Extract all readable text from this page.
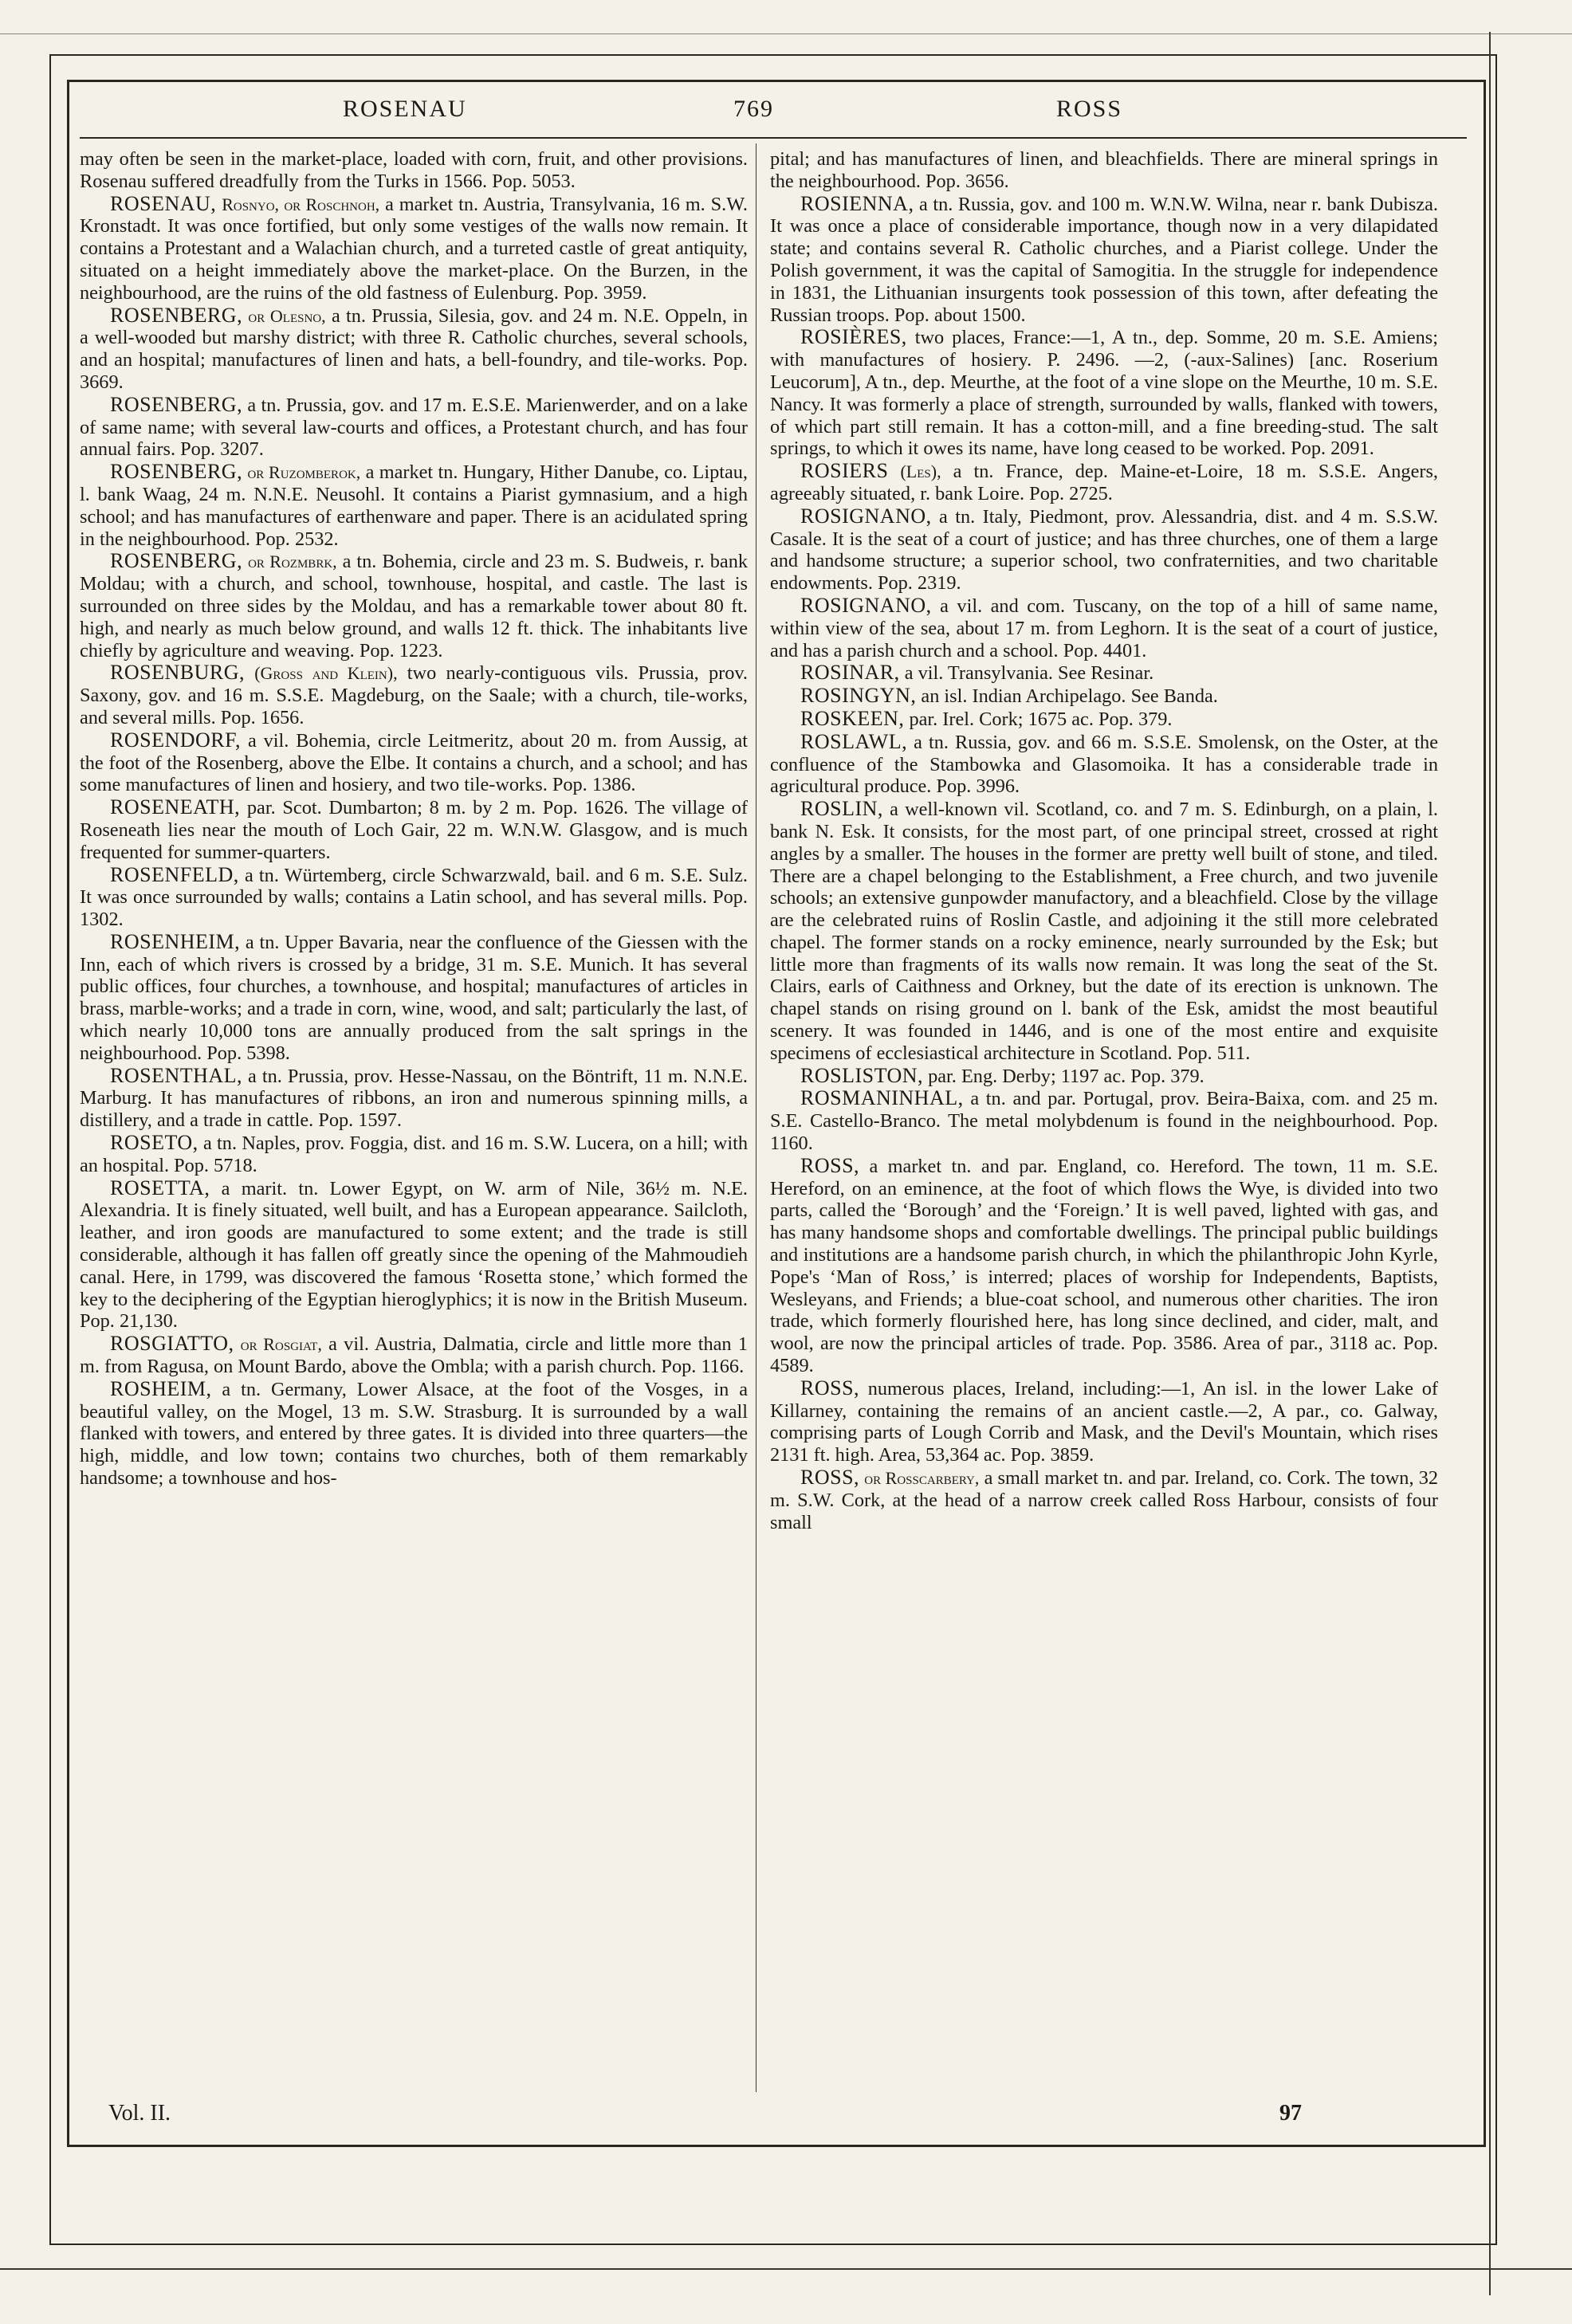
ROSENAU	769	ROSS

may often be seen in the market-place, loaded with corn, fruit, and other provisions. Rosenau suffered dreadfully from the Turks in 1566. Pop. 5053.

ROSENAU, Rosnyo, or Roschnoh, a market tn. Austria, Transylvania, 16 m. S.W. Kronstadt. It was once fortified, but only some vestiges of the walls now remain. It contains a Protestant and a Walachian church, and a turreted castle of great antiquity, situated on a height immediately above the market-place. On the Burzen, in the neighbourhood, are the ruins of the old fastness of Eulenburg. Pop. 3959.

ROSENBERG, or Olesno, a tn. Prussia, Silesia, gov. and 24 m. N.E. Oppeln, in a well-wooded but marshy district; with three R. Catholic churches, several schools, and an hospital; manufactures of linen and hats, a bell-foundry, and tile-works. Pop. 3669.

ROSENBERG, a tn. Prussia, gov. and 17 m. E.S.E. Marienwerder, and on a lake of same name; with several law-courts and offices, a Protestant church, and has four annual fairs. Pop. 3207.

ROSENBERG, or Ruzomberok, a market tn. Hungary, Hither Danube, co. Liptau, l. bank Waag, 24 m. N.N.E. Neusohl. It contains a Piarist gymnasium, and a high school; and has manufactures of earthenware and paper. There is an acidulated spring in the neighbourhood. Pop. 2532.

ROSENBERG, or Rozmbrk, a tn. Bohemia, circle and 23 m. S. Budweis, r. bank Moldau; with a church, and school, townhouse, hospital, and castle. The last is surrounded on three sides by the Moldau, and has a remarkable tower about 80 ft. high, and nearly as much below ground, and walls 12 ft. thick. The inhabitants live chiefly by agriculture and weaving. Pop. 1223.

ROSENBURG, (Gross and Klein), two nearly-contiguous vils. Prussia, prov. Saxony, gov. and 16 m. S.S.E. Magdeburg, on the Saale; with a church, tile-works, and several mills. Pop. 1656.

ROSENDORF, a vil. Bohemia, circle Leitmeritz, about 20 m. from Aussig, at the foot of the Rosenberg, above the Elbe. It contains a church, and a school; and has some manufactures of linen and hosiery, and two tile-works. Pop. 1386.

ROSENEATH, par. Scot. Dumbarton; 8 m. by 2 m. Pop. 1626. The village of Roseneath lies near the mouth of Loch Gair, 22 m. W.N.W. Glasgow, and is much frequented for summer-quarters.

ROSENFELD, a tn. Würtemberg, circle Schwarzwald, bail. and 6 m. S.E. Sulz. It was once surrounded by walls; contains a Latin school, and has several mills. Pop. 1302.

ROSENHEIM, a tn. Upper Bavaria, near the confluence of the Giessen with the Inn, each of which rivers is crossed by a bridge, 31 m. S.E. Munich. It has several public offices, four churches, a townhouse, and hospital; manufactures of articles in brass, marble-works; and a trade in corn, wine, wood, and salt; particularly the last, of which nearly 10,000 tons are annually produced from the salt springs in the neighbourhood. Pop. 5398.

ROSENTHAL, a tn. Prussia, prov. Hesse-Nassau, on the Böntrift, 11 m. N.N.E. Marburg. It has manufactures of ribbons, an iron and numerous spinning mills, a distillery, and a trade in cattle. Pop. 1597.

ROSETO, a tn. Naples, prov. Foggia, dist. and 16 m. S.W. Lucera, on a hill; with an hospital. Pop. 5718.

ROSETTA, a marit. tn. Lower Egypt, on W. arm of Nile, 36½ m. N.E. Alexandria. It is finely situated, well built, and has a European appearance. Sailcloth, leather, and iron goods are manufactured to some extent; and the trade is still considerable, although it has fallen off greatly since the opening of the Mahmoudieh canal. Here, in 1799, was discovered the famous ‘Rosetta stone,’ which formed the key to the deciphering of the Egyptian hieroglyphics; it is now in the British Museum. Pop. 21,130.

ROSGIATTO, or Rosgiat, a vil. Austria, Dalmatia, circle and little more than 1 m. from Ragusa, on Mount Bardo, above the Ombla; with a parish church. Pop. 1166.

ROSHEIM, a tn. Germany, Lower Alsace, at the foot of the Vosges, in a beautiful valley, on the Mogel, 13 m. S.W. Strasburg. It is surrounded by a wall flanked with towers, and entered by three gates. It is divided into three quarters—the high, middle, and low town; contains two churches, both of them remarkably handsome; a townhouse and hos-

pital; and has manufactures of linen, and bleachfields. There are mineral springs in the neighbourhood. Pop. 3656.

ROSIENNA, a tn. Russia, gov. and 100 m. W.N.W. Wilna, near r. bank Dubisza. It was once a place of considerable importance, though now in a very dilapidated state; and contains several R. Catholic churches, and a Piarist college. Under the Polish government, it was the capital of Samogitia. In the struggle for independence in 1831, the Lithuanian insurgents took possession of this town, after defeating the Russian troops. Pop. about 1500.

ROSIÈRES, two places, France:—1, A tn., dep. Somme, 20 m. S.E. Amiens; with manufactures of hosiery. P. 2496. —2, (-aux-Salines) [anc. Roserium Leucorum], A tn., dep. Meurthe, at the foot of a vine slope on the Meurthe, 10 m. S.E. Nancy. It was formerly a place of strength, surrounded by walls, flanked with towers, of which part still remain. It has a cotton-mill, and a fine breeding-stud. The salt springs, to which it owes its name, have long ceased to be worked. Pop. 2091.

ROSIERS (Les), a tn. France, dep. Maine-et-Loire, 18 m. S.S.E. Angers, agreeably situated, r. bank Loire. Pop. 2725.

ROSIGNANO, a tn. Italy, Piedmont, prov. Alessandria, dist. and 4 m. S.S.W. Casale. It is the seat of a court of justice; and has three churches, one of them a large and handsome structure; a superior school, two confraternities, and two charitable endowments. Pop. 2319.

ROSIGNANO, a vil. and com. Tuscany, on the top of a hill of same name, within view of the sea, about 17 m. from Leghorn. It is the seat of a court of justice, and has a parish church and a school. Pop. 4401.

ROSINAR, a vil. Transylvania. See Resinar.

ROSINGYN, an isl. Indian Archipelago. See Banda.

ROSKEEN, par. Irel. Cork; 1675 ac. Pop. 379.

ROSLAWL, a tn. Russia, gov. and 66 m. S.S.E. Smolensk, on the Oster, at the confluence of the Stambowka and Glasomoika. It has a considerable trade in agricultural produce. Pop. 3996.

ROSLIN, a well-known vil. Scotland, co. and 7 m. S. Edinburgh, on a plain, l. bank N. Esk. It consists, for the most part, of one principal street, crossed at right angles by a smaller. The houses in the former are pretty well built of stone, and tiled. There are a chapel belonging to the Establishment, a Free church, and two juvenile schools; an extensive gunpowder manufactory, and a bleachfield. Close by the village are the celebrated ruins of Roslin Castle, and adjoining it the still more celebrated chapel. The former stands on a rocky eminence, nearly surrounded by the Esk; but little more than fragments of its walls now remain. It was long the seat of the St. Clairs, earls of Caithness and Orkney, but the date of its erection is unknown. The chapel stands on rising ground on l. bank of the Esk, amidst the most beautiful scenery. It was founded in 1446, and is one of the most entire and exquisite specimens of ecclesiastical architecture in Scotland. Pop. 511.

ROSLISTON, par. Eng. Derby; 1197 ac. Pop. 379.

ROSMANINHAL, a tn. and par. Portugal, prov. Beira-Baixa, com. and 25 m. S.E. Castello-Branco. The metal molybdenum is found in the neighbourhood. Pop. 1160.

ROSS, a market tn. and par. England, co. Hereford. The town, 11 m. S.E. Hereford, on an eminence, at the foot of which flows the Wye, is divided into two parts, called the ‘Borough’ and the ‘Foreign.’ It is well paved, lighted with gas, and has many handsome shops and comfortable dwellings. The principal public buildings and institutions are a handsome parish church, in which the philanthropic John Kyrle, Pope's ‘Man of Ross,’ is interred; places of worship for Independents, Baptists, Wesleyans, and Friends; a blue-coat school, and numerous other charities. The iron trade, which formerly flourished here, has long since declined, and cider, malt, and wool, are now the principal articles of trade. Pop. 3586. Area of par., 3118 ac. Pop. 4589.

ROSS, numerous places, Ireland, including:—1, An isl. in the lower Lake of Killarney, containing the remains of an ancient castle.—2, A par., co. Galway, comprising parts of Lough Corrib and Mask, and the Devil's Mountain, which rises 2131 ft. high. Area, 53,364 ac. Pop. 3859.

ROSS, or Rosscarbery, a small market tn. and par. Ireland, co. Cork. The town, 32 m. S.W. Cork, at the head of a narrow creek called Ross Harbour, consists of four small

Vol. II.	97
